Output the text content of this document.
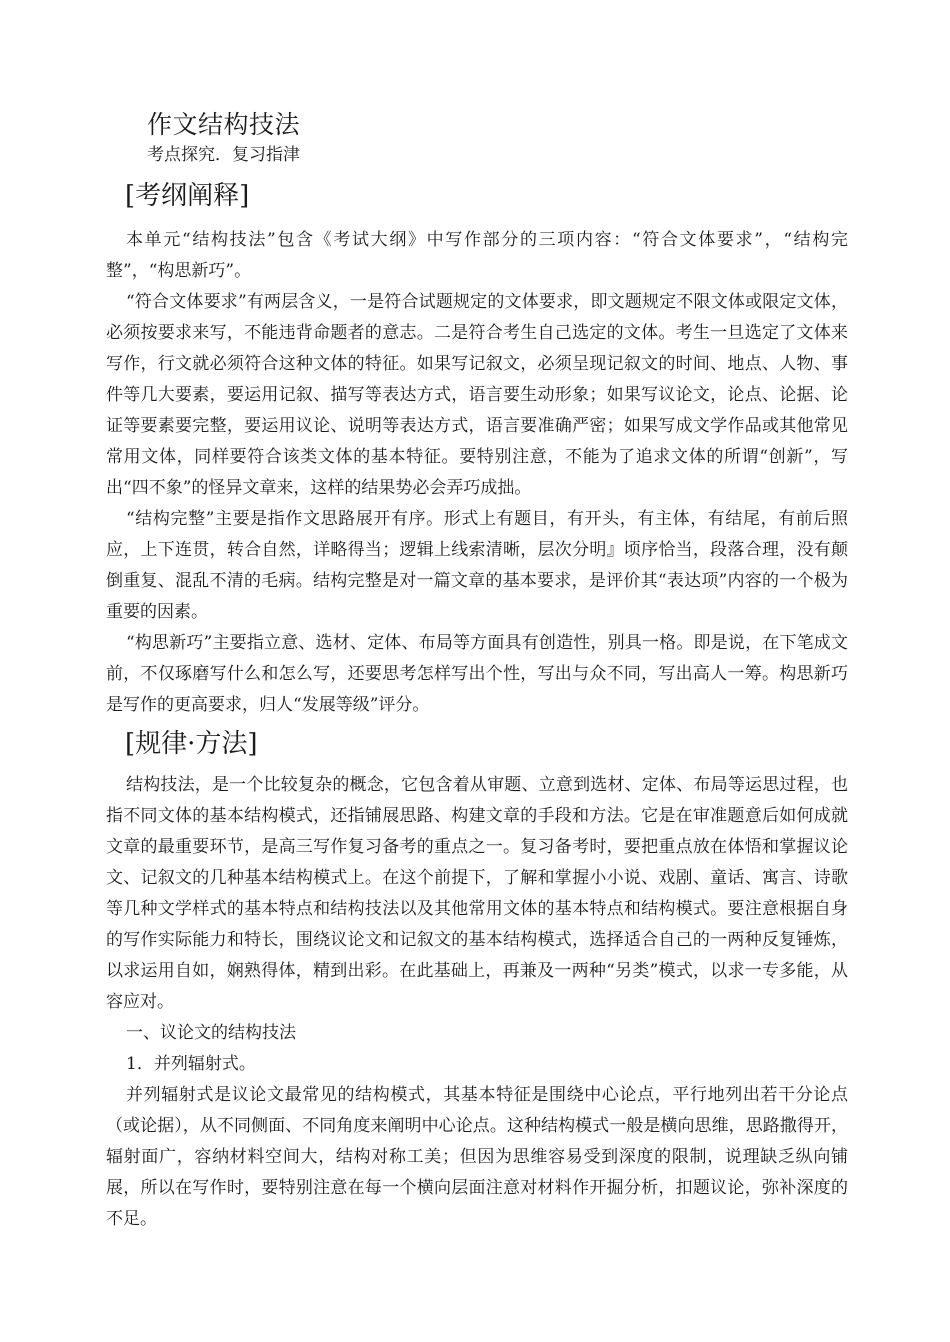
作文结构技法
考点探究．复习指津
[考纲阐释]

本单元“结构技法”包含《考试大纲》中写作部分的三项内容：“符合文体要求”，“结构完整”，“构思新巧”。

“符合文体要求”有两层含义，一是符合试题规定的文体要求，即文题规定不限文体或限定文体，必须按要求来写，不能违背命题者的意志。二是符合考生自己选定的文体。考生一旦选定了文体来写作，行文就必须符合这种文体的特征。如果写记叙文，必须呈现记叙文的时间、地点、人物、事件等几大要素，要运用记叙、描写等表达方式，语言要生动形象；如果写议论文，论点、论据、论证等要素要完整，要运用议论、说明等表达方式，语言要准确严密；如果写成文学作品或其他常见常用文体，同样要符合该类文体的基本特征。要特别注意，不能为了追求文体的所谓“创新”，写出“四不象”的怪异文章来，这样的结果势必会弄巧成拙。

“结构完整”主要是指作文思路展开有序。形式上有题目，有开头，有主体，有结尾，有前后照应，上下连贯，转合自然，详略得当；逻辑上线索清晰，层次分明』顷序恰当，段落合理，没有颠倒重复、混乱不清的毛病。结构完整是对一篇文章的基本要求，是评价其“表达项”内容的一个极为重要的因素。

“构思新巧”主要指立意、选材、定体、布局等方面具有创造性，别具一格。即是说，在下笔成文前，不仅琢磨写什么和怎么写，还要思考怎样写出个性，写出与众不同，写出高人一筹。构思新巧是写作的更高要求，归人“发展等级”评分。

[规律·方法]

结构技法，是一个比较复杂的概念，它包含着从审题、立意到选材、定体、布局等运思过程，也指不同文体的基本结构模式，还指铺展思路、构建文章的手段和方法。它是在审准题意后如何成就文章的最重要环节，是高三写作复习备考的重点之一。复习备考时，要把重点放在体悟和掌握议论文、记叙文的几种基本结构模式上。在这个前提下，了解和掌握小小说、戏剧、童话、寓言、诗歌等几种文学样式的基本特点和结构技法以及其他常用文体的基本特点和结构模式。要注意根据自身的写作实际能力和特长，围绕议论文和记叙文的基本结构模式，选择适合自己的一两种反复锤炼，以求运用自如，娴熟得体，精到出彩。在此基础上，再兼及一两种“另类”模式，以求一专多能，从容应对。

一、议论文的结构技法

1．并列辐射式。

并列辐射式是议论文最常见的结构模式，其基本特征是围绕中心论点，平行地列出若干分论点（或论据），从不同侧面、不同角度来阐明中心论点。这种结构模式一般是横向思维，思路撒得开，辐射面广，容纳材料空间大，结构对称工美；但因为思维容易受到深度的限制，说理缺乏纵向铺展，所以在写作时，要特别注意在每一个横向层面注意对材料作开掘分析，扣题议论，弥补深度的不足。
